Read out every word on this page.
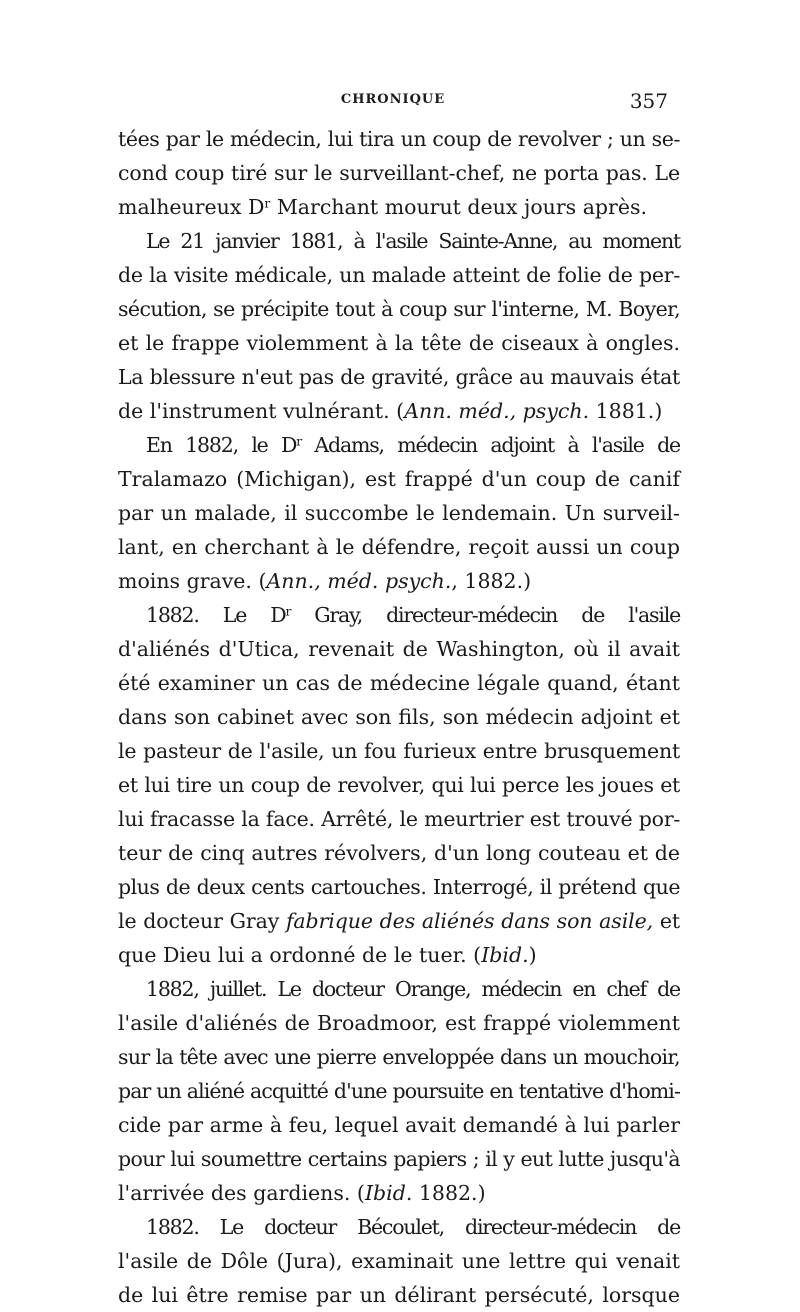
CHRONIQUE	357
tées par le médecin, lui tira un coup de revolver ; un se-
cond coup tiré sur le surveillant-chef, ne porta pas. Le
malheureux $D^r$ Marchant mourut deux jours après.
Le 21 janvier 1881, à l'asile Sainte-Anne, au moment
de la visite médicale, un malade atteint de folie de per-
sécution, se précipite tout à coup sur l'interne, M. Boyer,
et le frappe violemment à la tête de ciseaux à ongles.
La blessure n'eut pas de gravité, grâce au mauvais état
de l'instrument vulnérant. (Ann. méd., psych. 1881.)
En 1882, le $D^r$ Adams, médecin adjoint à l'asile de
Tralamazo (Michigan), est frappé d'un coup de canif
par un malade, il succombe le lendemain. Un surveil-
lant, en cherchant à le défendre, reçoit aussi un coup
moins grave. (Ann., méd. psych., 1882.)
1882. Le $D^r$ Gray, directeur-médecin de l'asile
d'aliénés d'Utica, revenait de Washington, où il avait
été examiner un cas de médecine légale quand, étant
dans son cabinet avec son fils, son médecin adjoint et
le pasteur de l'asile, un fou furieux entre brusquement
et lui tire un coup de revolver, qui lui perce les joues et
lui fracasse la face. Arrêté, le meurtrier est trouvé por-
teur de cinq autres révolvers, d'un long couteau et de
plus de deux cents cartouches. Interrogé, il prétend que
le docteur Gray fabrique des aliénés dans son asile, et
que Dieu lui a ordonné de le tuer. (Ibid.)
1882, juillet. Le docteur Orange, médecin en chef de
l'asile d'aliénés de Broadmoor, est frappé violemment
sur la tête avec une pierre enveloppée dans un mouchoir,
par un aliéné acquitté d'une poursuite en tentative d'homi-
cide par arme à feu, lequel avait demandé à lui parler
pour lui soumettre certains papiers ; il y eut lutte jusqu'à
l'arrivée des gardiens. (Ibid. 1882.)
1882. Le docteur Bécoulet, directeur-médecin de
l'asile de Dôle (Jura), examinait une lettre qui venait
de lui être remise par un délirant persécuté, lorsque
